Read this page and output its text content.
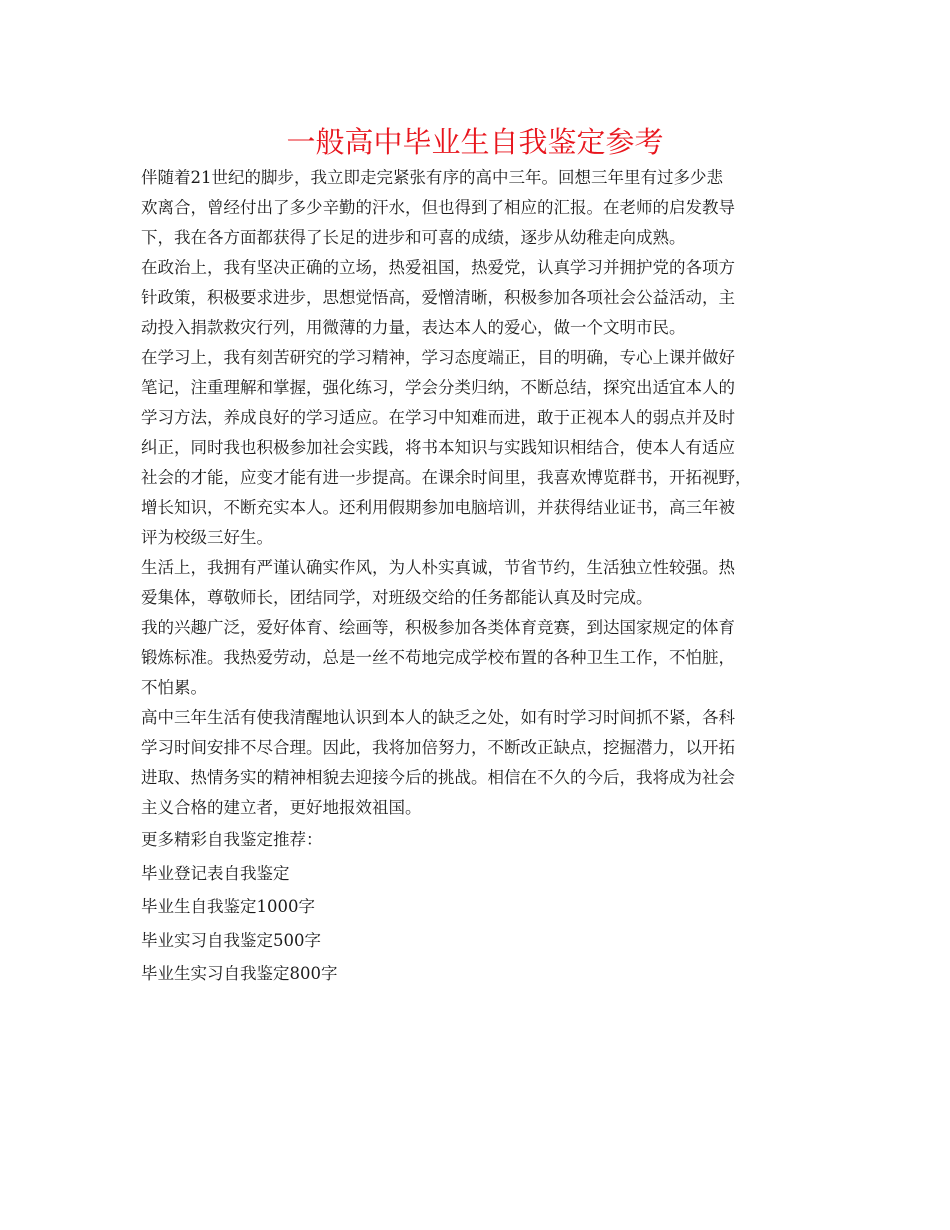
一般高中毕业生自我鉴定参考
伴随着21世纪的脚步，我立即走完紧张有序的高中三年。回想三年里有过多少悲
欢离合，曾经付出了多少辛勤的汗水，但也得到了相应的汇报。在老师的启发教导
下，我在各方面都获得了长足的进步和可喜的成绩，逐步从幼稚走向成熟。
在政治上，我有坚决正确的立场，热爱祖国，热爱党，认真学习并拥护党的各项方
针政策，积极要求进步，思想觉悟高，爱憎清晰，积极参加各项社会公益活动，主
动投入捐款救灾行列，用微薄的力量，表达本人的爱心，做一个文明市民。
在学习上，我有刻苦研究的学习精神，学习态度端正，目的明确，专心上课并做好
笔记，注重理解和掌握，强化练习，学会分类归纳，不断总结，探究出适宜本人的
学习方法，养成良好的学习适应。在学习中知难而进，敢于正视本人的弱点并及时
纠正，同时我也积极参加社会实践，将书本知识与实践知识相结合，使本人有适应
社会的才能，应变才能有进一步提高。在课余时间里，我喜欢博览群书，开拓视野，
增长知识，不断充实本人。还利用假期参加电脑培训，并获得结业证书，高三年被
评为校级三好生。
生活上，我拥有严谨认确实作风，为人朴实真诚，节省节约，生活独立性较强。热
爱集体，尊敬师长，团结同学，对班级交给的任务都能认真及时完成。
我的兴趣广泛，爱好体育、绘画等，积极参加各类体育竞赛，到达国家规定的体育
锻炼标准。我热爱劳动，总是一丝不苟地完成学校布置的各种卫生工作，不怕脏，
不怕累。
高中三年生活有使我清醒地认识到本人的缺乏之处，如有时学习时间抓不紧，各科
学习时间安排不尽合理。因此，我将加倍努力，不断改正缺点，挖掘潜力，以开拓
进取、热情务实的精神相貌去迎接今后的挑战。相信在不久的今后，我将成为社会
主义合格的建立者，更好地报效祖国。
更多精彩自我鉴定推荐：
毕业登记表自我鉴定
毕业生自我鉴定1000字
毕业实习自我鉴定500字
毕业生实习自我鉴定800字
